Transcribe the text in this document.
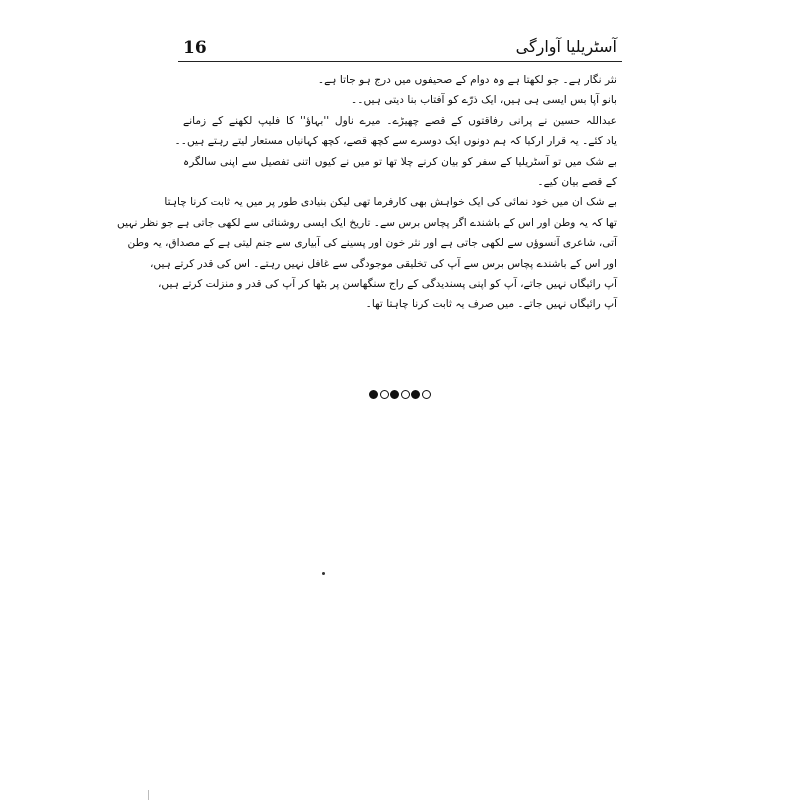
16	آسٹریلیا آوارگی
نثر نگار ہے۔ جو لکھتا ہے وہ دوام کے صحیفوں میں درج ہو جاتا ہے۔
بانو آپا بس ایسی ہی ہیں، ایک ذرّے کو آفتاب بنا دیتی ہیں۔۔
عبداللہ حسین نے پرانی رفاقتوں کے قصے چھیڑے۔ میرے ناول ''بہاؤ'' کا فلیپ لکھنے کے زمانے
یاد کئے۔ یہ قرار ارکیا کہ ہم دونوں ایک دوسرے سے کچھ قصے، کچھ کہانیاں مستعار لیتے رہتے ہیں۔۔
بے شک میں تو آسٹریلیا کے سفر کو بیان کرنے چلا تھا تو میں نے کیوں اتنی تفصیل سے اپنی سالگرہ
کے قصے بیان کیے۔
بے شک ان میں خود نمائی کی ایک خواہش بھی کارفرما تھی لیکن بنیادی طور پر میں یہ ثابت کرنا چاہتا
تھا کہ یہ وطن اور اس کے باشندے اگر پچاس برس سے۔ تاریخ ایک ایسی روشنائی سے لکھی جاتی ہے جو نظر نہیں
آتی، شاعری آنسوؤں سے لکھی جاتی ہے اور نثر خون اور پسینے کی آبیاری سے جنم لیتی ہے کے مصداق، یہ وطن
اور اس کے باشندے پچاس برس سے آپ کی تخلیقی موجودگی سے غافل نہیں رہتے۔ اس کی قدر کرتے ہیں،
آپ رائیگاں نہیں جاتے، آپ کو اپنی پسندیدگی کے راج سنگھاسن پر بٹھا کر آپ کی قدر و منزلت کرتے ہیں،
آپ رائیگاں نہیں جاتے۔ میں صرف یہ ثابت کرنا چاہتا تھا۔
